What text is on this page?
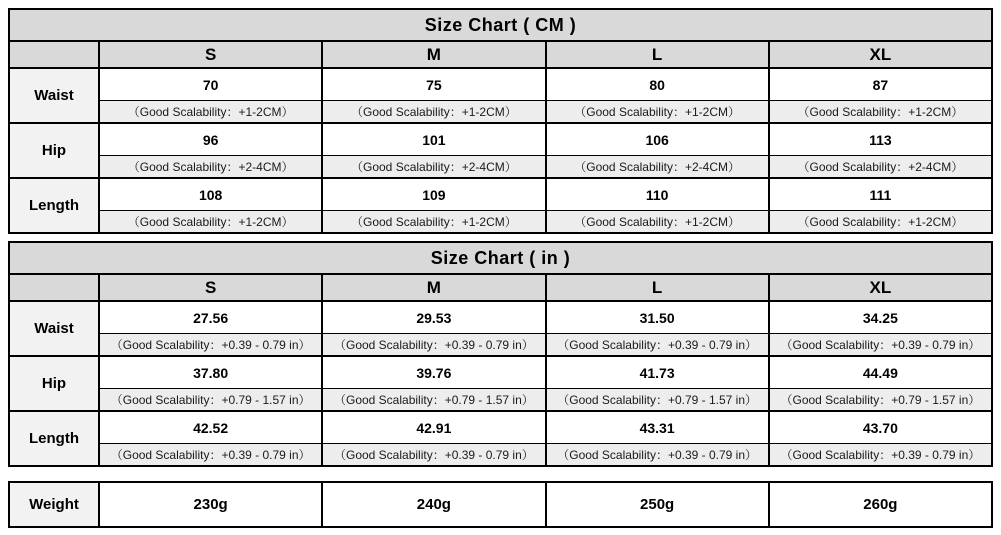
Size Chart ( CM )				
	S	M	L	XL
Waist	70	75	80	87
	（Good Scalability：+1-2CM）	（Good Scalability：+1-2CM）	（Good Scalability：+1-2CM）	（Good Scalability：+1-2CM）
Hip	96	101	106	113
	（Good Scalability：+2-4CM）	（Good Scalability：+2-4CM）	（Good Scalability：+2-4CM）	（Good Scalability：+2-4CM）
Length	108	109	110	111
	（Good Scalability：+1-2CM）	（Good Scalability：+1-2CM）	（Good Scalability：+1-2CM）	（Good Scalability：+1-2CM）
Size Chart ( in )				
	S	M	L	XL
Waist	27.56	29.53	31.50	34.25
	（Good Scalability：+0.39 - 0.79 in）	（Good Scalability：+0.39 - 0.79 in）	（Good Scalability：+0.39 - 0.79 in）	（Good Scalability：+0.39 - 0.79 in）
Hip	37.80	39.76	41.73	44.49
	（Good Scalability：+0.79 - 1.57 in）	（Good Scalability：+0.79 - 1.57 in）	（Good Scalability：+0.79 - 1.57 in）	（Good Scalability：+0.79 - 1.57 in）
Length	42.52	42.91	43.31	43.70
	（Good Scalability：+0.39 - 0.79 in）	（Good Scalability：+0.39 - 0.79 in）	（Good Scalability：+0.39 - 0.79 in）	（Good Scalability：+0.39 - 0.79 in）
Weight	230g	240g	250g	260g
